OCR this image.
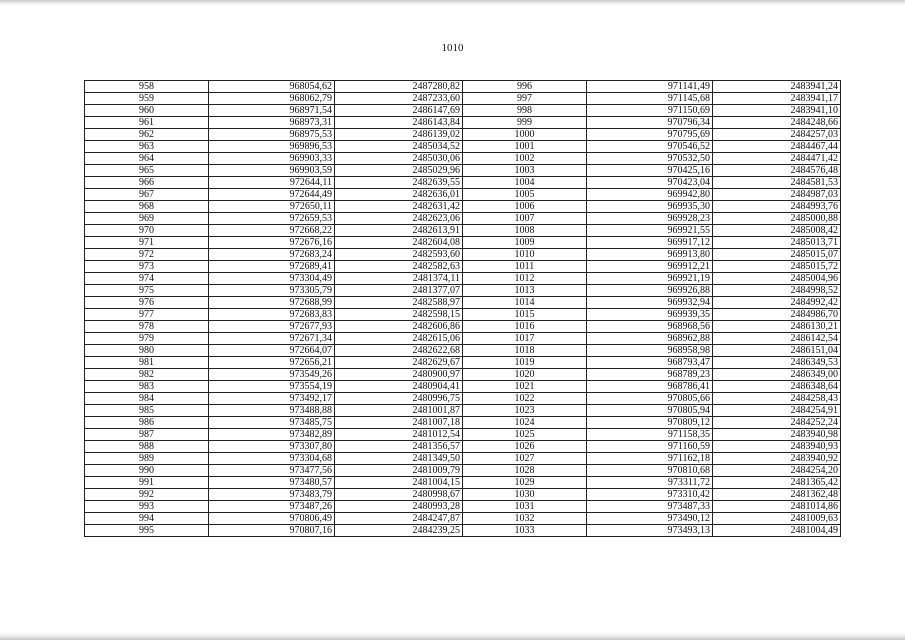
1010
958	968054,62	2487280,82	996	971141,49	2483941,24
959	968062,79	2487233,60	997	971145,68	2483941,17
960	968971,54	2486147,69	998	971150,69	2483941,10
961	968973,31	2486143,84	999	970796,34	2484248,66
962	968975,53	2486139,02	1000	970795,69	2484257,03
963	969896,53	2485034,52	1001	970546,52	2484467,44
964	969903,33	2485030,06	1002	970532,50	2484471,42
965	969903,59	2485029,96	1003	970425,16	2484576,48
966	972644,11	2482639,55	1004	970423,04	2484581,53
967	972644,49	2482636,01	1005	969942,80	2484987,03
968	972650,11	2482631,42	1006	969935,30	2484993,76
969	972659,53	2482623,06	1007	969928,23	2485000,88
970	972668,22	2482613,91	1008	969921,55	2485008,42
971	972676,16	2482604,08	1009	969917,12	2485013,71
972	972683,24	2482593,60	1010	969913,80	2485015,07
973	972689,41	2482582,63	1011	969912,21	2485015,72
974	973304,49	2481374,11	1012	969921,19	2485004,96
975	973305,79	2481377,07	1013	969926,88	2484998,52
976	972688,99	2482588,97	1014	969932,94	2484992,42
977	972683,83	2482598,15	1015	969939,35	2484986,70
978	972677,93	2482606,86	1016	968968,56	2486130,21
979	972671,34	2482615,06	1017	968962,88	2486142,54
980	972664,07	2482622,68	1018	968958,98	2486151,04
981	972656,21	2482629,67	1019	968793,47	2486349,53
982	973549,26	2480900,97	1020	968789,23	2486349,00
983	973554,19	2480904,41	1021	968786,41	2486348,64
984	973492,17	2480996,75	1022	970805,66	2484258,43
985	973488,88	2481001,87	1023	970805,94	2484254,91
986	973485,75	2481007,18	1024	970809,12	2484252,24
987	973482,89	2481012,54	1025	971158,35	2483940,98
988	973307,80	2481356,57	1026	971160,59	2483940,93
989	973304,68	2481349,50	1027	971162,18	2483940,92
990	973477,56	2481009,79	1028	970810,68	2484254,20
991	973480,57	2481004,15	1029	973311,72	2481365,42
992	973483,79	2480998,67	1030	973310,42	2481362,48
993	973487,26	2480993,28	1031	973487,33	2481014,86
994	970806,49	2484247,87	1032	973490,12	2481009,63
995	970807,16	2484239,25	1033	973493,13	2481004,49
